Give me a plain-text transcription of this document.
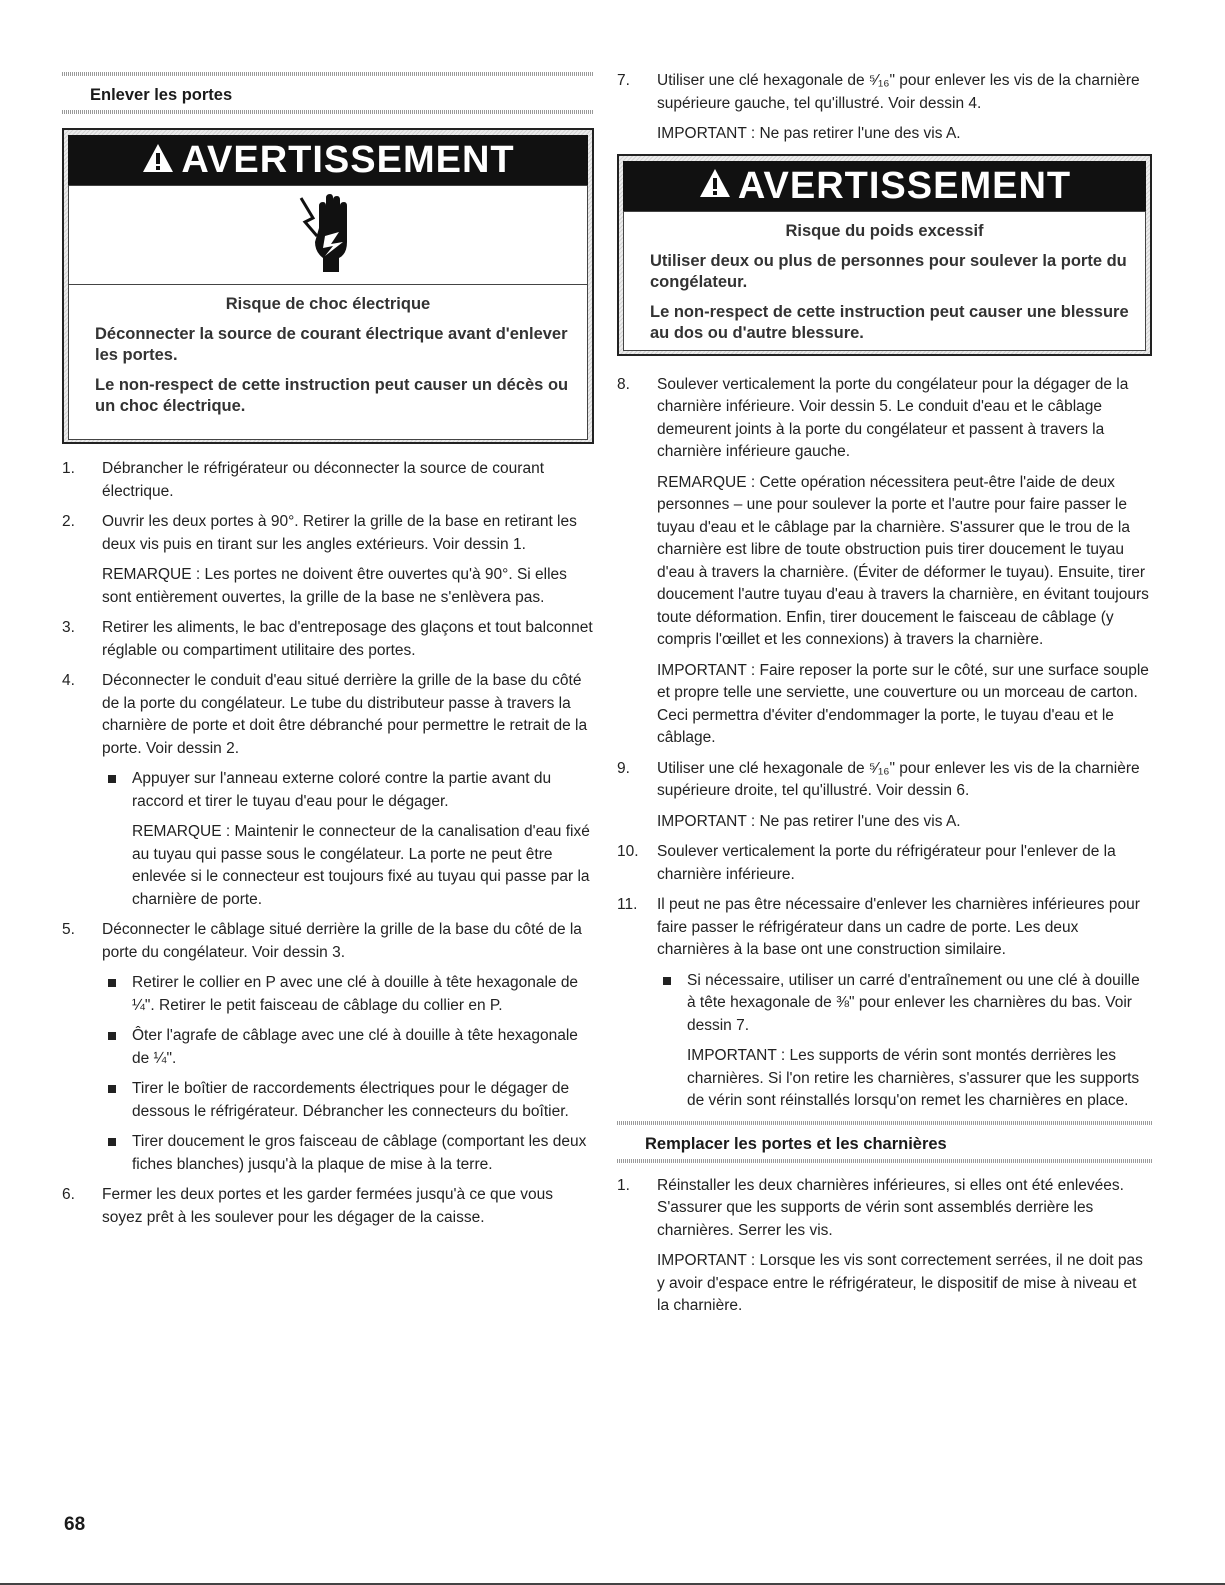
Enlever les portes
AVERTISSEMENT
Risque de choc électrique

Déconnecter la source de courant électrique avant d'enlever les portes.

Le non-respect de cette instruction peut causer un décès ou un choc électrique.

1.	Débrancher le réfrigérateur ou déconnecter la source de courant électrique.
2.	Ouvrir les deux portes à 90°. Retirer la grille de la base en retirant les deux vis puis en tirant sur les angles extérieurs. Voir dessin 1.
REMARQUE : Les portes ne doivent être ouvertes qu'à 90°. Si elles sont entièrement ouvertes, la grille de la base ne s'enlèvera pas.
3.	Retirer les aliments, le bac d'entreposage des glaçons et tout balconnet réglable ou compartiment utilitaire des portes.
4.	Déconnecter le conduit d'eau situé derrière la grille de la base du côté de la porte du congélateur. Le tube du distributeur passe à travers la charnière de porte et doit être débranché pour permettre le retrait de la porte. Voir dessin 2.
Appuyer sur l'anneau externe coloré contre la partie avant du raccord et tirer le tuyau d'eau pour le dégager.
REMARQUE : Maintenir le connecteur de la canalisation d'eau fixé au tuyau qui passe sous le congélateur. La porte ne peut être enlevée si le connecteur est toujours fixé au tuyau qui passe par la charnière de porte.
5.	Déconnecter le câblage situé derrière la grille de la base du côté de la porte du congélateur. Voir dessin 3.
Retirer le collier en P avec une clé à douille à tête hexagonale de ¼". Retirer le petit faisceau de câblage du collier en P.
Ôter l'agrafe de câblage avec une clé à douille à tête hexagonale de ¼".
Tirer le boîtier de raccordements électriques pour le dégager de dessous le réfrigérateur. Débrancher les connecteurs du boîtier.
Tirer doucement le gros faisceau de câblage (comportant les deux fiches blanches) jusqu'à la plaque de mise à la terre.
6.	Fermer les deux portes et les garder fermées jusqu'à ce que vous soyez prêt à les soulever pour les dégager de la caisse.
7.	Utiliser une clé hexagonale de ⁵⁄₁₆" pour enlever les vis de la charnière supérieure gauche, tel qu'illustré. Voir dessin 4.
IMPORTANT : Ne pas retirer l'une des vis A.
AVERTISSEMENT
Risque du poids excessif

Utiliser deux ou plus de personnes pour soulever la porte du congélateur.

Le non-respect de cette instruction peut causer une blessure au dos ou d'autre blessure.

8.	Soulever verticalement la porte du congélateur pour la dégager de la charnière inférieure. Voir dessin 5. Le conduit d'eau et le câblage demeurent joints à la porte du congélateur et passent à travers la charnière inférieure gauche.
REMARQUE : Cette opération nécessitera peut-être l'aide de deux personnes – une pour soulever la porte et l'autre pour faire passer le tuyau d'eau et le câblage par la charnière. S'assurer que le trou de la charnière est libre de toute obstruction puis tirer doucement le tuyau d'eau à travers la charnière. (Éviter de déformer le tuyau). Ensuite, tirer doucement l'autre tuyau d'eau à travers la charnière, en évitant toujours toute déformation. Enfin, tirer doucement le faisceau de câblage (y compris l'œillet et les connexions) à travers la charnière.
IMPORTANT : Faire reposer la porte sur le côté, sur une surface souple et propre telle une serviette, une couverture ou un morceau de carton. Ceci permettra d'éviter d'endommager la porte, le tuyau d'eau et le câblage.
9.	Utiliser une clé hexagonale de ⁵⁄₁₆" pour enlever les vis de la charnière supérieure droite, tel qu'illustré. Voir dessin 6.
IMPORTANT : Ne pas retirer l'une des vis A.
10.	Soulever verticalement la porte du réfrigérateur pour l'enlever de la charnière inférieure.
11.	Il peut ne pas être nécessaire d'enlever les charnières inférieures pour faire passer le réfrigérateur dans un cadre de porte. Les deux charnières à la base ont une construction similaire.
Si nécessaire, utiliser un carré d'entraînement ou une clé à douille à tête hexagonale de ⅜" pour enlever les charnières du bas. Voir dessin 7.
IMPORTANT : Les supports de vérin sont montés derrières les charnières. Si l'on retire les charnières, s'assurer que les supports de vérin sont réinstallés lorsqu'on remet les charnières en place.
Remplacer les portes et les charnières
1.	Réinstaller les deux charnières inférieures, si elles ont été enlevées. S'assurer que les supports de vérin sont assemblés derrière les charnières. Serrer les vis.
IMPORTANT : Lorsque les vis sont correctement serrées, il ne doit pas y avoir d'espace entre le réfrigérateur, le dispositif de mise à niveau et la charnière.
68
